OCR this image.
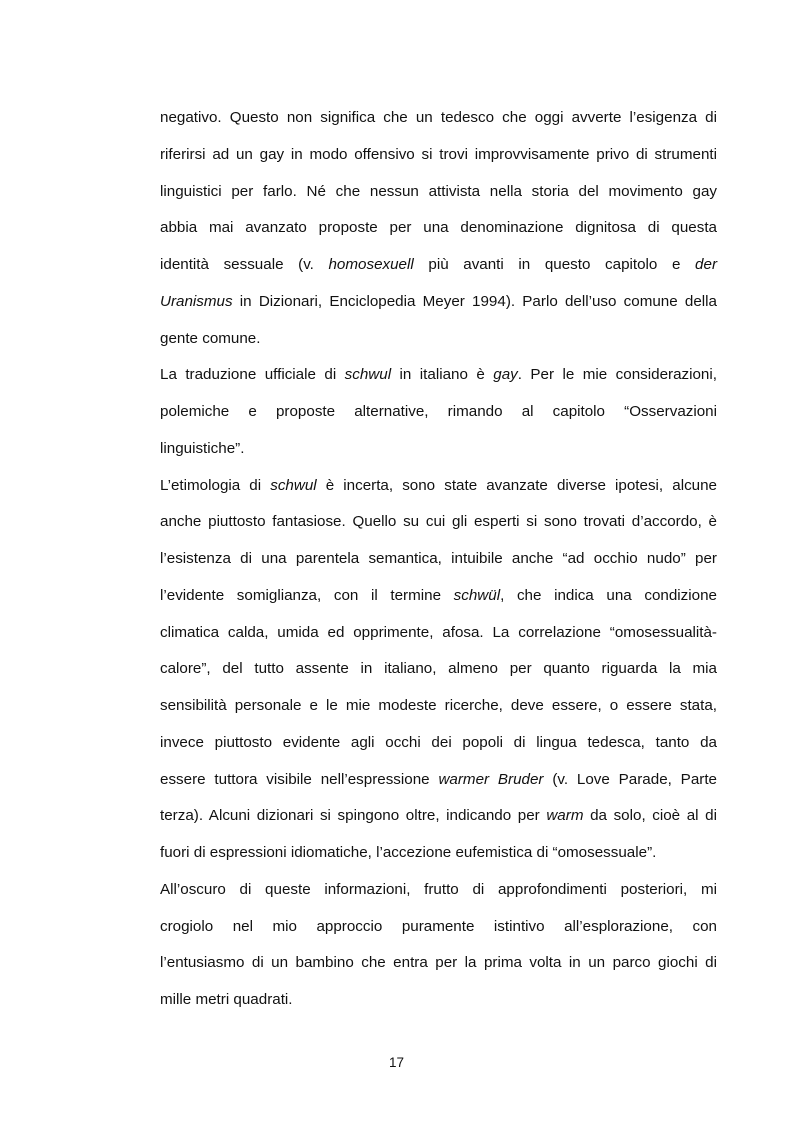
negativo. Questo non significa che un tedesco che oggi avverte l’esigenza di
riferirsi ad un gay in modo offensivo si trovi improvvisamente privo di strumenti
linguistici per farlo. Né che nessun attivista nella storia del movimento gay
abbia mai avanzato proposte per una denominazione dignitosa di questa
identità sessuale (v. homosexuell più avanti in questo capitolo e der
Uranismus in Dizionari, Enciclopedia Meyer 1994). Parlo dell’uso comune della
gente comune.
La traduzione ufficiale di schwul in italiano è gay. Per le mie considerazioni,
polemiche e proposte alternative, rimando al capitolo “Osservazioni
linguistiche”.
L’etimologia di schwul è incerta, sono state avanzate diverse ipotesi, alcune
anche piuttosto fantasiose. Quello su cui gli esperti si sono trovati d’accordo, è
l’esistenza di una parentela semantica, intuibile anche “ad occhio nudo” per
l’evidente somiglianza, con il termine schwül, che indica una condizione
climatica calda, umida ed opprimente, afosa. La correlazione “omosessualità-
calore”, del tutto assente in italiano, almeno per quanto riguarda la mia
sensibilità personale e le mie modeste ricerche, deve essere, o essere stata,
invece piuttosto evidente agli occhi dei popoli di lingua tedesca, tanto da
essere tuttora visibile nell’espressione warmer Bruder (v. Love Parade, Parte
terza). Alcuni dizionari si spingono oltre, indicando per warm da solo, cioè al di
fuori di espressioni idiomatiche, l’accezione eufemistica di “omosessuale”.
All’oscuro di queste informazioni, frutto di approfondimenti posteriori, mi
crogiolo nel mio approccio puramente istintivo all’esplorazione, con
l’entusiasmo di un bambino che entra per la prima volta in un parco giochi di
mille metri quadrati.
17
